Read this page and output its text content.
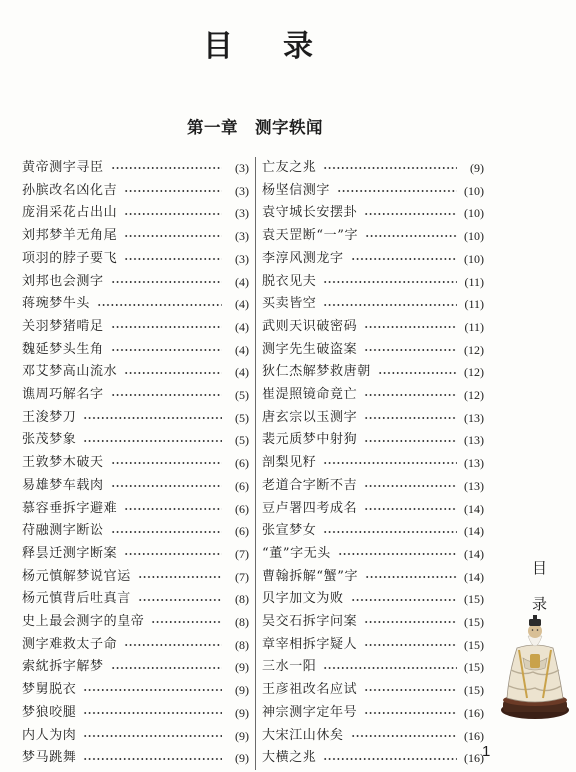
目 录
第一章　测字轶闻
黄帝测字寻臣	(3)
孙膑改名凶化吉	(3)
庞涓采花占出山	(3)
刘邦梦羊无角尾	(3)
项羽的脖子要飞	(3)
刘邦也会测字	(4)
蒋琬梦牛头	(4)
关羽梦猪啃足	(4)
魏延梦头生角	(4)
邓艾梦高山流水	(4)
谯周巧解名字	(5)
王浚梦刀	(5)
张茂梦象	(5)
王敦梦木破天	(6)
易雄梦车载肉	(6)
慕容垂拆字避难	(6)
苻融测字断讼	(6)
释昙迁测字断案	(7)
杨元慎解梦说官运	(7)
杨元慎背后吐真言	(8)
史上最会测字的皇帝	(8)
测字难救太子命	(8)
索紞拆字解梦	(9)
梦舅脱衣	(9)
梦狼咬腿	(9)
内人为肉	(9)
梦马跳舞	(9)
亡友之兆	(9)
杨坚信测字	(10)
袁守城长安摆卦	(10)
袁天罡断“一”字	(10)
李淳风测龙字	(10)
脱衣见夫	(11)
买卖皆空	(11)
武则天识破密码	(11)
测字先生破盗案	(12)
狄仁杰解梦救唐朝	(12)
崔湜照镜命竟亡	(12)
唐玄宗以玉测字	(13)
裴元质梦中射狗	(13)
剖梨见籽	(13)
老道合字断不吉	(13)
豆卢署四考成名	(14)
张宣梦女	(14)
“董”字无头	(14)
曹翰拆解“蟹”字	(14)
贝字加文为败	(15)
吴交石拆字问案	(15)
章宰相拆字疑人	(15)
三水一阳	(15)
王彦祖改名应试	(15)
神宗测字定年号	(16)
大宋江山休矣	(16)
大横之兆	(16)
目
录
1
